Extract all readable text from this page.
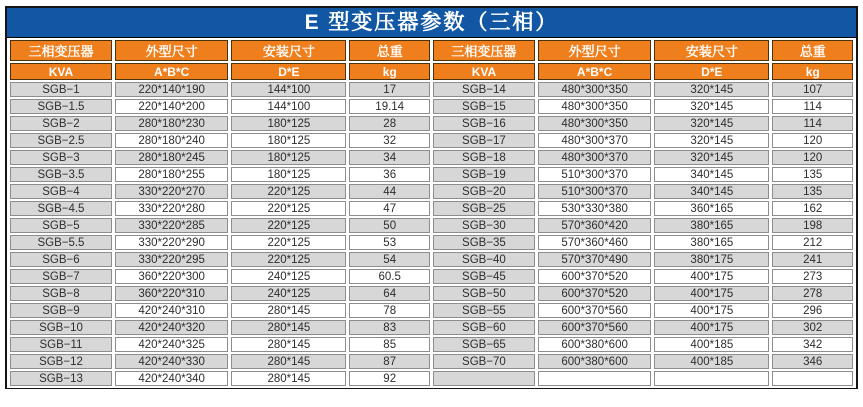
E 型变压器参数（三相）
三相变压器	外型尺寸	安装尺寸	总重	三相变压器	外型尺寸	安装尺寸	总重
KVA	A*B*C	D*E	kg	KVA	A*B*C	D*E	kg
SGB−1	220*140*190	144*100	17	SGB−14	480*300*350	320*145	107
SGB−1.5	220*140*200	144*100	19.14	SGB−15	480*300*350	320*145	114
SGB−2	280*180*230	180*125	28	SGB−16	480*300*350	320*145	114
SGB−2.5	280*180*240	180*125	32	SGB−17	480*300*370	320*145	120
SGB−3	280*180*245	180*125	34	SGB−18	480*300*370	320*145	120
SGB−3.5	280*180*255	180*125	36	SGB−19	510*300*370	340*145	135
SGB−4	330*220*270	220*125	44	SGB−20	510*300*370	340*145	135
SGB−4.5	330*220*280	220*125	47	SGB−25	530*330*380	360*165	162
SGB−5	330*220*285	220*125	50	SGB−30	570*360*420	380*165	198
SGB−5.5	330*220*290	220*125	53	SGB−35	570*360*460	380*165	212
SGB−6	330*220*295	220*125	54	SGB−40	570*370*490	380*175	241
SGB−7	360*220*300	240*125	60.5	SGB−45	600*370*520	400*175	273
SGB−8	360*220*310	240*125	64	SGB−50	600*370*520	400*175	278
SGB−9	420*240*310	280*145	78	SGB−55	600*370*560	400*175	296
SGB−10	420*240*320	280*145	83	SGB−60	600*370*560	400*175	302
SGB−11	420*240*325	280*145	85	SGB−65	600*380*600	400*185	342
SGB−12	420*240*330	280*145	87	SGB−70	600*380*600	400*185	346
SGB−13	420*240*340	280*145	92				
